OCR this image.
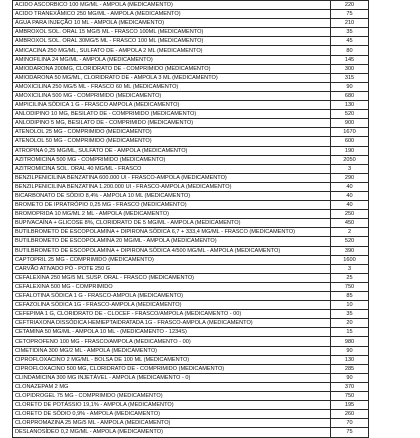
ACIDO ASCORBICO 100 MG/ML - AMPOLA (MEDICAMENTO)	220
ACIDO TRANEXÂMICO 250 MG/ML - AMPOLA (MEDICAMENTO)	75
ÁGUA PARA INJEÇÃO 10 ML - AMPOLA (MEDICAMENTO)	210
AMBROXOL SOL. ORAL 15 MG/5 ML - FRASCO 100ML (MEDICAMENTO)	35
AMBROXOL SOL. ORAL 30MG/5 ML - FRASCO 100 ML (MEDICAMENTO)	45
AMICACINA 250 MG/ML, SULFATO DE - AMPOLA 2 ML (MEDICAMENTO)	80
AMINOFILINA 24 MG/ML - AMPOLA (MEDICAMENTO)	145
AMIODARONA 200MG, CLORIDRATO DE - COMPRIMIDO (MEDICAMENTO)	300
AMIODARONA 50 MG/ML, CLORIDRATO DE - AMPOLA 3 ML (MEDICAMENTO)	315
AMOXICILINA 250 MG/5 ML - FRASCO 60 ML (MEDICAMENTO)	90
AMOXICILINA 500 MG - COMPRIMIDO (MEDICAMENTO)	680
AMPICILINA SÓDICA 1 G - FRASCO AMPOLA (MEDICAMENTO)	130
ANLODIPINO 10 MG, BESILATO DE - COMPRIMIDO (MEDICAMENTO)	520
ANLODIPINO 5 MG, BESILATO DE - COMPRIMIDO (MEDICAMENTO)	900
ATENOLOL 25 MG - COMPRIMIDO (MEDICAMENTO)	1670
ATENOLOL 50 MG - COMPRIMIDO (MEDICAMENTO)	600
ATROPINA 0,25 MG/ML, SULFATO DE - AMPOLA (MEDICAMENTO)	190
AZITROMICINA 500 MG - COMPRIMIDO (MEDICAMENTO)	2050
AZITROMICINA SOL. ORAL 40 MG/ML - FRASCO	3
BENZILPENICILINA BENZATINA 600.000 UI - FRASCO-AMPOLA (MEDICAMENTO)	290
BENZILPENICILINA BENZATINA 1.200.000 UI - FRASCO-AMPOLA (MEDICAMENTO)	40
BICARBONATO DE SÓDIO 8,4% - AMPOLA 10 ML (MEDICAMENTO)	40
BROMETO DE IPRATRÓPIO 0,25 MG - FRASCO (MEDICAMENTO)	40
BROMOPRIDA 10 MG/ML 2 ML - AMPOLA (MEDICAMENTO)	250
BUPIVACAÍNA + GLICOSE 8%, CLORIDRATO DE 5 MG/ML - AMPOLA (MEDICAMENTO)	450
BUTILBROMETO DE ESCOPOLAMINA + DIPIRONA SÓDICA 6,7 + 333,4 MG/ML - FRASCO (MEDICAMENTO)	2
BUTILBROMETO DE ESCOPOLAMINA 20 MG/ML - AMPOLA (MEDICAMENTO)	520
BUTILBROMETO DE ESCOPOLAMINA + DIPIRONA SÓDICA 4/500 MG/ML - AMPOLA (MEDICAMENTO)	390
CAPTOPRIL 25 MG - COMPRIMIDO (MEDICAMENTO)	1600
CARVÃO ATIVADO PÓ - POTE 250 G	3
CEFALEXINA 250 MG/5 ML SUSP. ORAL - FRASCO (MEDICAMENTO)	25
CEFALEXINA 500 MG - COMPRIMIDO	750
CEFALOTINA SÓDICA 1 G - FRASCO-AMPOLA (MEDICAMENTO)	85
CEFAZOLINA SÓDICA 1G - FRASCO-AMPOLA (MEDICAMENTO)	10
CEFEPIMA 1 G, CLORIDRATO DE - CLOCEF - FRASCO/AMPOLA (MEDICAMENTO - 00)	35
CEFTRIAXONA DISSÓDICA HEMIEPTAIDRATADA 1G - FRASCO-AMPOLA (MEDICAMENTO)	20
CETAMINA 50 MG/ML - AMPOLA 10 ML - (MEDICAMENTO - 1234S)	15
CETOPROFENO 100 MG - FRASCO/AMPOLA (MEDICAMENTO - 00)	980
CIMETIDINA 300 MG/2 ML - AMPOLA (MEDICAMENTO)	90
CIPROFLOXACINO 2 MG/ML - BOLSA DE 100 ML (MEDICAMENTO)	130
CIPROFLOXACINO 500 MG, CLORIDRATO DE - COMPRIMIDO (MEDICAMENTO)	285
CLINDAMICINA 300 MG INJETÁVEL - AMPOLA (MEDICAMENTO - 0)	90
CLONAZEPAM 2 MG	370
CLOPIDROGEL 75 MG - COMPRIMIDO (MEDICAMENTO)	750
CLORETO DE POTÁSSIO 19,1% - AMPOLA (MEDICAMENTO)	195
CLORETO DE SÓDIO 0,9% - AMPOLA (MEDICAMENTO)	260
CLORPROMAZINA 25 MG/5 ML - AMPOLA (MEDICAMENTO)	70
DESLANOSÍDEO 0,2 MG/ML - AMPOLA (MEDICAMENTO)	75
